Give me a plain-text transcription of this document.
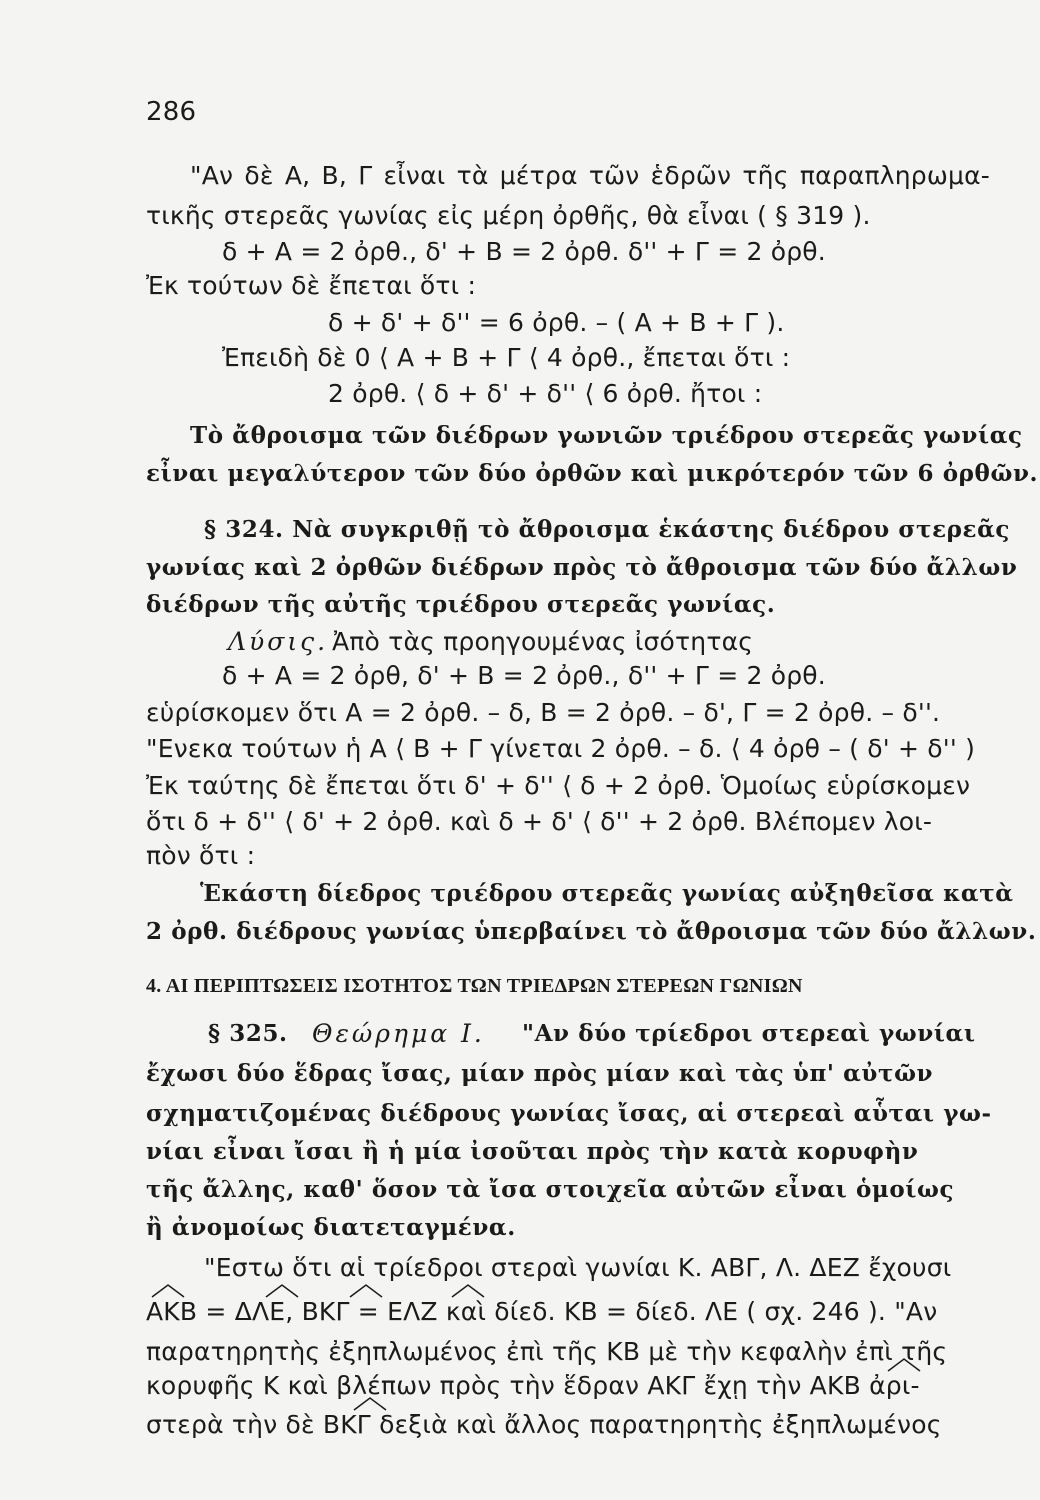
286
"Αν δὲ Α, Β, Γ εἶναι τὰ μέτρα τῶν ἑδρῶν τῆς παραπληρωμα-
τικῆς στερεᾶς γωνίας εἰς μέρη ὀρθῆς, θὰ εἶναι ( § 319 ).
δ + Α = 2 ὀρθ., δ' + Β = 2 ὀρθ. δ'' + Γ = 2 ὀρθ.
Ἐκ τούτων δὲ ἔπεται ὅτι :
δ + δ' + δ'' = 6 ὀρθ. – ( Α + Β + Γ ).
Ἐπειδὴ δὲ 0 ⟨ Α + Β + Γ ⟨ 4 ὀρθ., ἔπεται ὅτι :
2 ὀρθ. ⟨ δ + δ' + δ'' ⟨ 6 ὀρθ. ἤτοι :
Τὸ ἄθροισμα τῶν διέδρων γωνιῶν τριέδρου στερεᾶς γωνίας
εἶναι μεγαλύτερον τῶν δύο ὀρθῶν καὶ μικρότερόν τῶν 6 ὀρθῶν.
§ 324. Νὰ συγκριθῇ τὸ ἄθροισμα ἑκάστης διέδρου στερεᾶς
γωνίας καὶ 2 ὀρθῶν διέδρων πρὸς τὸ ἄθροισμα τῶν δύο ἄλλων
διέδρων τῆς αὐτῆς τριέδρου στερεᾶς γωνίας.
Λύσις. Ἀπὸ τὰς προηγουμένας ἰσότητας
δ + Α = 2 ὀρθ, δ' + Β = 2 ὀρθ., δ'' + Γ = 2 ὀρθ.
εὑρίσκομεν ὅτι Α = 2 ὀρθ. – δ, Β = 2 ὀρθ. – δ', Γ = 2 ὀρθ. – δ''.
"Ενεκα τούτων ἡ Α ⟨ Β + Γ γίνεται 2 ὀρθ. – δ. ⟨ 4 ὀρθ – ( δ' + δ'' )
Ἐκ ταύτης δὲ ἔπεται ὅτι δ' + δ'' ⟨ δ + 2 ὀρθ. Ὁμοίως εὑρίσκομεν
ὅτι δ + δ'' ⟨ δ' + 2 ὀρθ. καὶ δ + δ' ⟨ δ'' + 2 ὀρθ. Βλέπομεν λοι-
πὸν ὅτι :
Ἑκάστη δίεδρος τριέδρου στερεᾶς γωνίας αὐξηθεῖσα κατὰ
2 ὀρθ. διέδρους γωνίας ὑπερβαίνει τὸ ἄθροισμα τῶν δύο ἄλλων.
4. ΑΙ ΠΕΡΙΠΤΩΣΕΙΣ ΙΣΟΤΗΤΟΣ ΤΩΝ ΤΡΙΕΔΡΩΝ ΣΤΕΡΕΩΝ ΓΩΝΙΩΝ
§ 325. Θεώρημα Ι. "Αν δύο τρίεδροι στερεαὶ γωνίαι
ἔχωσι δύο ἕδρας ἴσας, μίαν πρὸς μίαν καὶ τὰς ὑπ' αὐτῶν
σχηματιζομένας διέδρους γωνίας ἴσας, αἱ στερεαὶ αὗται γω-
νίαι εἶναι ἴσαι ἢ ἡ μία ἰσοῦται πρὸς τὴν κατὰ κορυφὴν
τῆς ἄλλης, καθ' ὅσον τὰ ἴσα στοιχεῖα αὐτῶν εἶναι ὁμοίως
ἢ ἀνομοίως διατεταγμένα.
"Εστω ὅτι αἱ τρίεδροι στεραὶ γωνίαι Κ. ΑΒΓ, Λ. ΔΕΖ ἔχουσι
ΑΚΒ = ΔΛΕ, ΒΚΓ = ΕΛΖ καὶ δίεδ. ΚΒ = δίεδ. ΛΕ ( σχ. 246 ). "Αν
παρατηρητὴς ἐξηπλωμένος ἐπὶ τῆς ΚΒ μὲ τὴν κεφαλὴν ἐπὶ τῆς
κορυφῆς Κ καὶ βλέπων πρὸς τὴν ἕδραν ΑΚΓ ἔχῃ τὴν ΑΚΒ ἀρι-
στερὰ τὴν δὲ ΒΚΓ δεξιὰ καὶ ἄλλος παρατηρητὴς ἐξηπλωμένος
